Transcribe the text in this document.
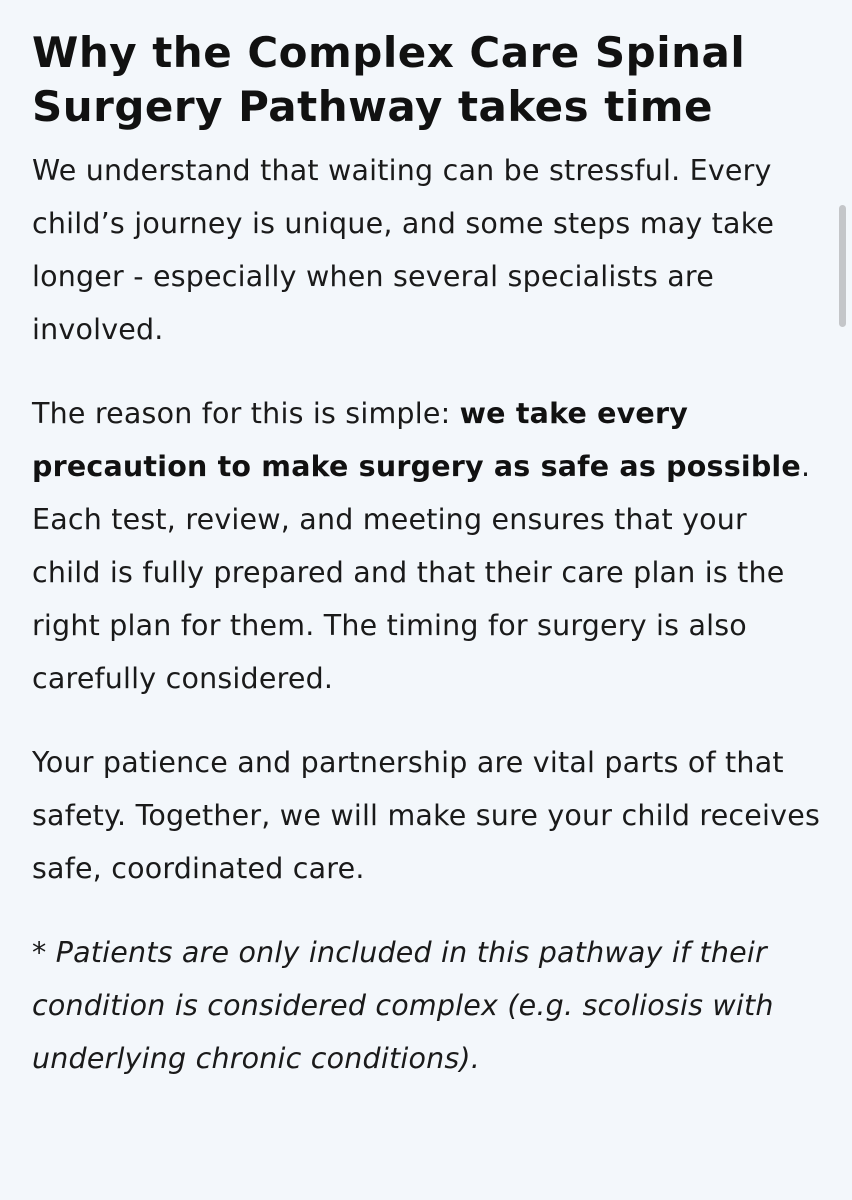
Why the Complex Care Spinal Surgery Pathway takes time

We understand that waiting can be stressful. Every child’s journey is unique, and some steps may take longer - especially when several specialists are involved.

The reason for this is simple: we take every precaution to make surgery as safe as possible. Each test, review, and meeting ensures that your child is fully prepared and that their care plan is the right plan for them. The timing for surgery is also carefully considered.

Your patience and partnership are vital parts of that safety. Together, we will make sure your child receives safe, coordinated care.

* Patients are only included in this pathway if their condition is considered complex (e.g. scoliosis with underlying chronic conditions).
